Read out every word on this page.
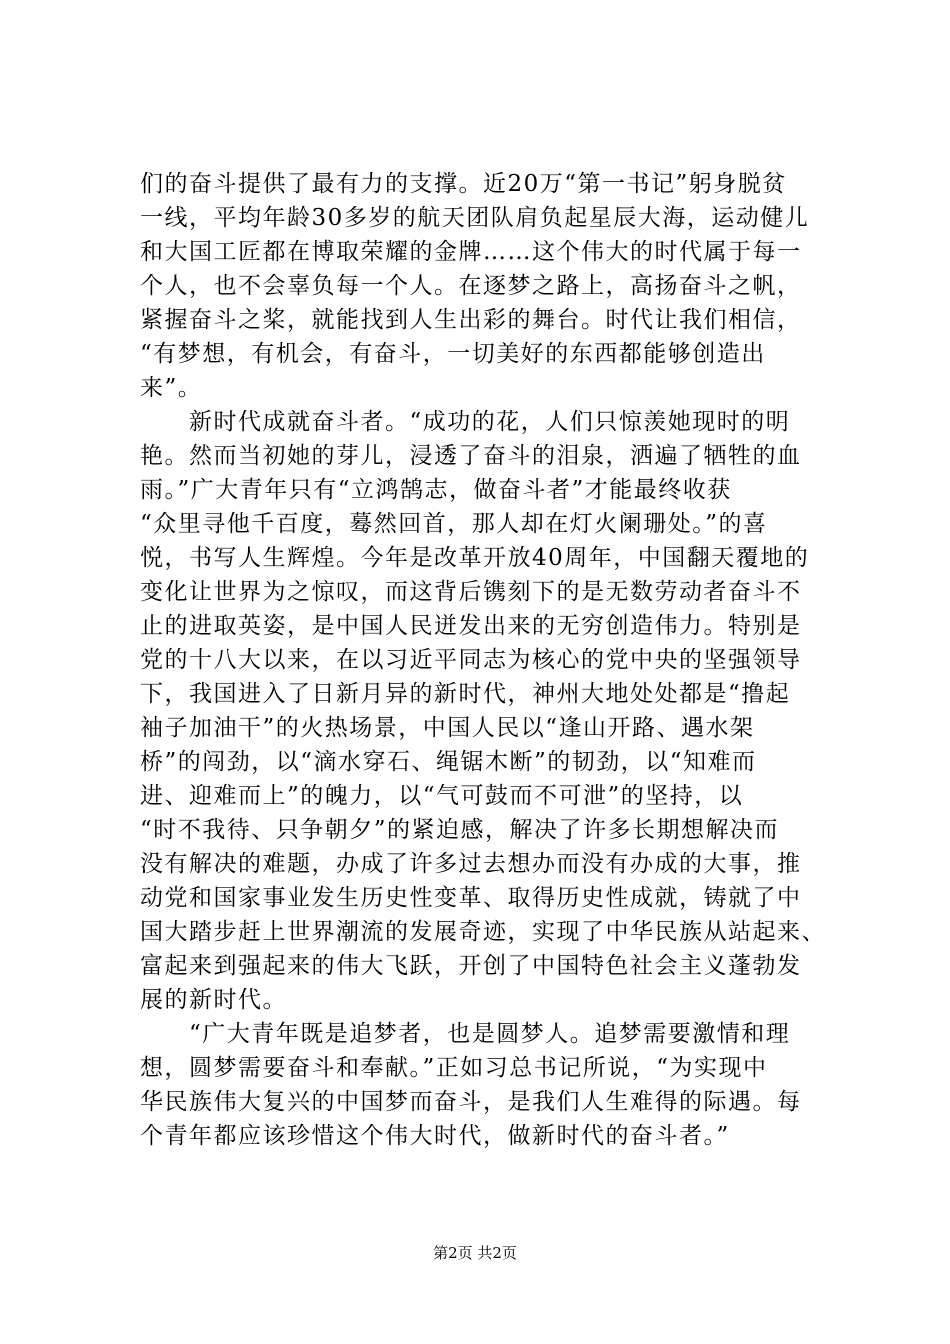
们的奋斗提供了最有力的支撑。近20万“第一书记”躬身脱贫
一线，平均年龄30多岁的航天团队肩负起星辰大海，运动健儿
和大国工匠都在博取荣耀的金牌……这个伟大的时代属于每一
个人，也不会辜负每一个人。在逐梦之路上，高扬奋斗之帆，
紧握奋斗之桨，就能找到人生出彩的舞台。时代让我们相信，
“有梦想，有机会，有奋斗，一切美好的东西都能够创造出
来”。
　　新时代成就奋斗者。“成功的花，人们只惊羡她现时的明
艳。然而当初她的芽儿，浸透了奋斗的泪泉，洒遍了牺牲的血
雨。”广大青年只有“立鸿鹄志，做奋斗者”才能最终收获
“众里寻他千百度，蓦然回首，那人却在灯火阑珊处。”的喜
悦，书写人生辉煌。今年是改革开放40周年，中国翻天覆地的
变化让世界为之惊叹，而这背后镌刻下的是无数劳动者奋斗不
止的进取英姿，是中国人民迸发出来的无穷创造伟力。特别是
党的十八大以来，在以习近平同志为核心的党中央的坚强领导
下，我国进入了日新月异的新时代，神州大地处处都是“撸起
袖子加油干”的火热场景，中国人民以“逢山开路、遇水架
桥”的闯劲，以“滴水穿石、绳锯木断”的韧劲，以“知难而
进、迎难而上”的魄力，以“气可鼓而不可泄”的坚持，以
“时不我待、只争朝夕”的紧迫感，解决了许多长期想解决而
没有解决的难题，办成了许多过去想办而没有办成的大事，推
动党和国家事业发生历史性变革、取得历史性成就，铸就了中
国大踏步赶上世界潮流的发展奇迹，实现了中华民族从站起来、
富起来到强起来的伟大飞跃，开创了中国特色社会主义蓬勃发
展的新时代。
　　“广大青年既是追梦者，也是圆梦人。追梦需要激情和理
想，圆梦需要奋斗和奉献。”正如习总书记所说，“为实现中
华民族伟大复兴的中国梦而奋斗，是我们人生难得的际遇。每
个青年都应该珍惜这个伟大时代，做新时代的奋斗者。”
第2页 共2页
